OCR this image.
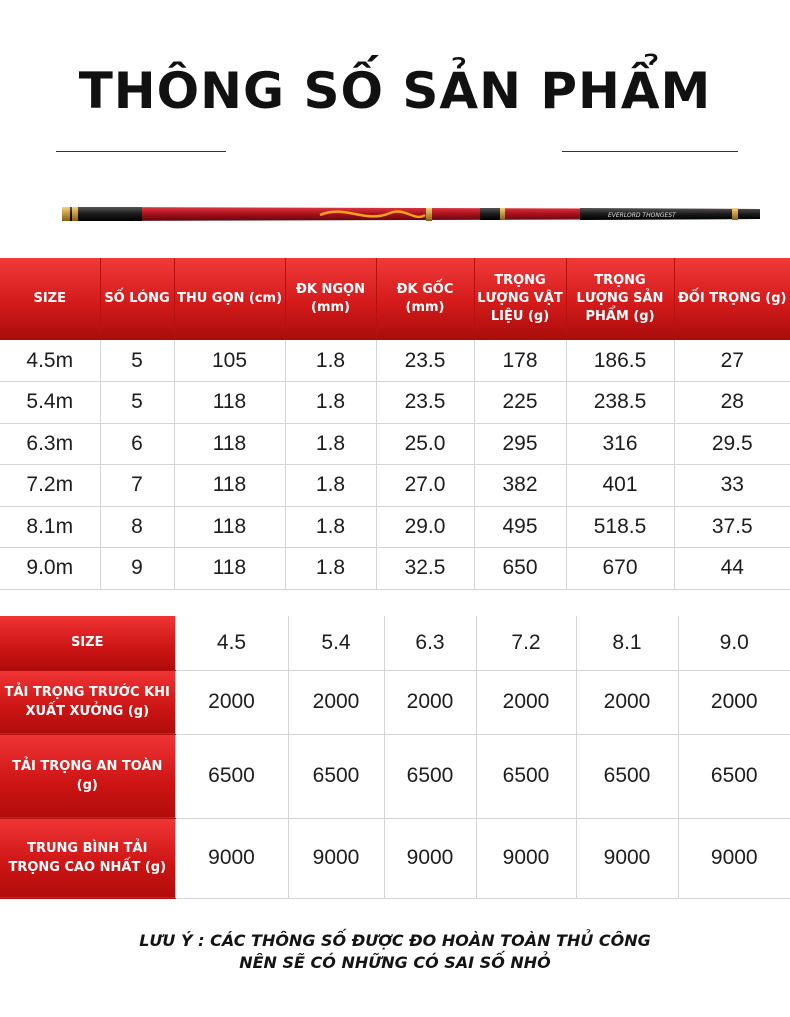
THÔNG SỐ SẢN PHẨM
EVERLORD THONGEST
SIZE	SỐ LÓNG	THU GỌN (cm)	ĐK NGỌN (mm)	ĐK GỐC (mm)	TRỌNG LƯỢNG VẬT LIỆU (g)	TRỌNG LƯỢNG SẢN PHẨM (g)	ĐỐI TRỌNG (g)
4.5m	5	105	1.8	23.5	178	186.5	27
5.4m	5	118	1.8	23.5	225	238.5	28
6.3m	6	118	1.8	25.0	295	316	29.5
7.2m	7	118	1.8	27.0	382	401	33
8.1m	8	118	1.8	29.0	495	518.5	37.5
9.0m	9	118	1.8	32.5	650	670	44
SIZE	4.5	5.4	6.3	7.2	8.1	9.0
TẢI TRỌNG TRƯỚC KHI XUẤT XƯỞNG (g)	2000	2000	2000	2000	2000	2000
TẢI TRỌNG AN TOÀN (g)	6500	6500	6500	6500	6500	6500
TRUNG BÌNH TẢI TRỌNG CAO NHẤT (g)	9000	9000	9000	9000	9000	9000
LƯU Ý : CÁC THÔNG SỐ ĐƯỢC ĐO HOÀN TOÀN THỦ CÔNG
NÊN SẼ CÓ NHỮNG CÓ SAI SỐ NHỎ
